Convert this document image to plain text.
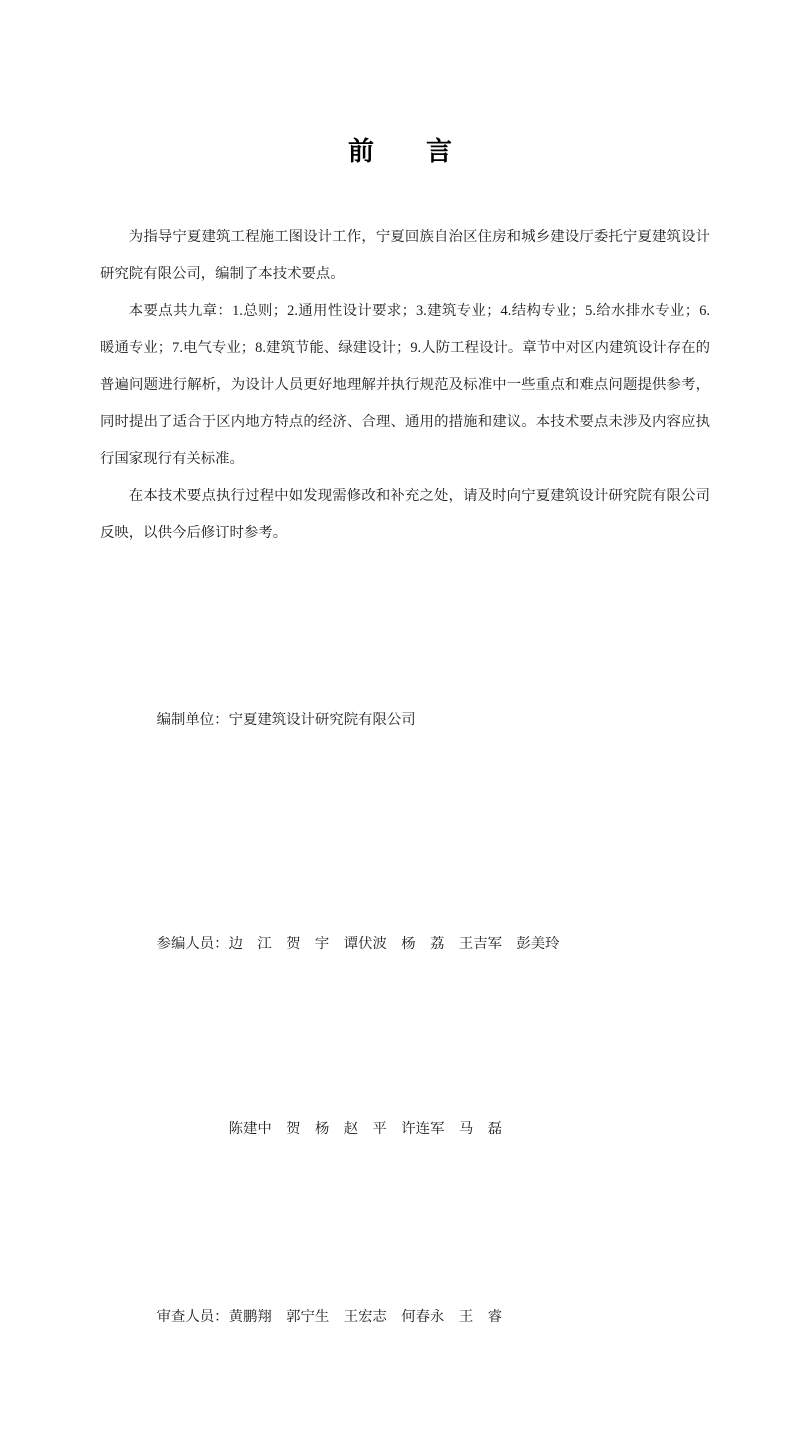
前　　言

为指导宁夏建筑工程施工图设计工作，宁夏回族自治区住房和城乡建设厅委托宁夏建筑设计研究院有限公司，编制了本技术要点。

本要点共九章：1.总则；2.通用性设计要求；3.建筑专业；4.结构专业；5.给水排水专业；6.暖通专业；7.电气专业；8.建筑节能、绿建设计；9.人防工程设计。章节中对区内建筑设计存在的普遍问题进行解析，为设计人员更好地理解并执行规范及标准中一些重点和难点问题提供参考，同时提出了适合于区内地方特点的经济、合理、通用的措施和建议。本技术要点未涉及内容应执行国家现行有关标准。

在本技术要点执行过程中如发现需修改和补充之处，请及时向宁夏建筑设计研究院有限公司反映，以供今后修订时参考。

编制单位：宁夏建筑设计研究院有限公司

参编人员：边　江　贺　宇　谭伏波　杨　荔　王吉军　彭美玲

陈建中　贺　杨　赵　平　许连军　马　磊

审查人员：黄鹏翔　郭宁生　王宏志　何春永　王　睿
